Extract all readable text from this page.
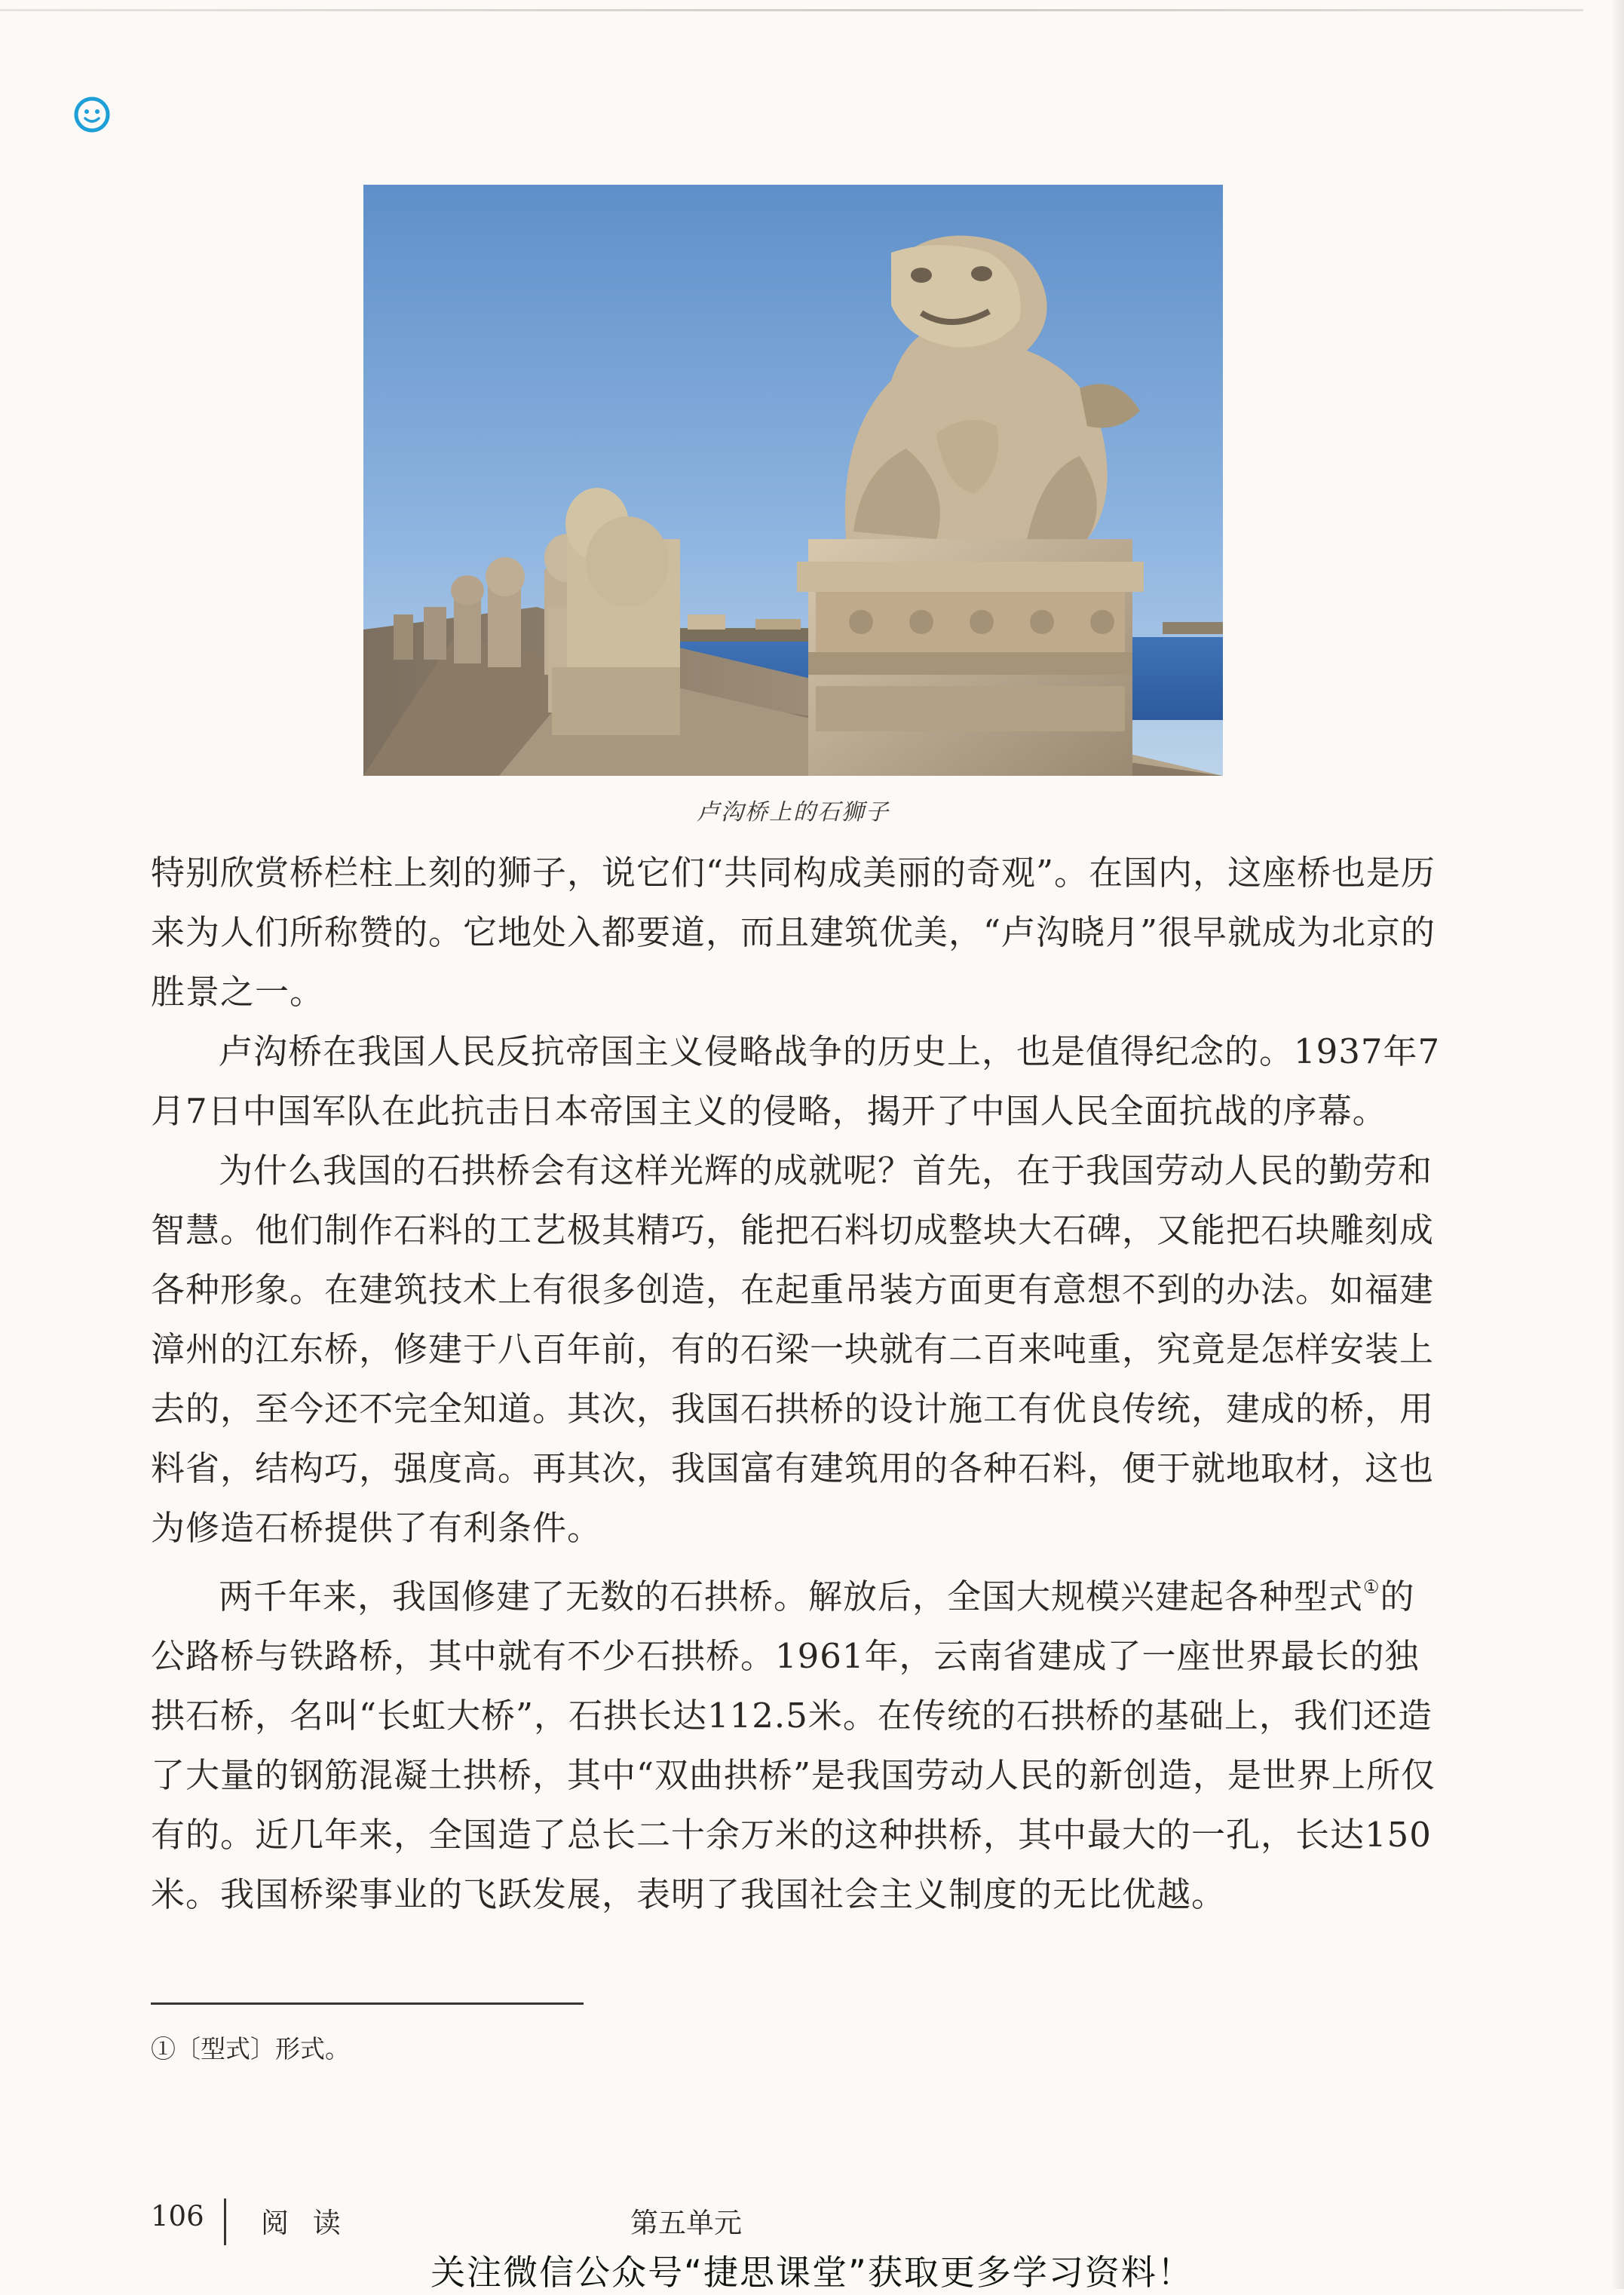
卢沟桥上的石狮子

特别欣赏桥栏柱上刻的狮子，说它们“共同构成美丽的奇观”。在国内，这座桥也是历来为人们所称赞的。它地处入都要道，而且建筑优美，“卢沟晓月”很早就成为北京的胜景之一。

卢沟桥在我国人民反抗帝国主义侵略战争的历史上，也是值得纪念的。1937年7月7日中国军队在此抗击日本帝国主义的侵略，揭开了中国人民全面抗战的序幕。

为什么我国的石拱桥会有这样光辉的成就呢？首先，在于我国劳动人民的勤劳和智慧。他们制作石料的工艺极其精巧，能把石料切成整块大石碑，又能把石块雕刻成各种形象。在建筑技术上有很多创造，在起重吊装方面更有意想不到的办法。如福建漳州的江东桥，修建于八百年前，有的石梁一块就有二百来吨重，究竟是怎样安装上去的，至今还不完全知道。其次，我国石拱桥的设计施工有优良传统，建成的桥，用料省，结构巧，强度高。再其次，我国富有建筑用的各种石料，便于就地取材，这也为修造石桥提供了有利条件。

两千年来，我国修建了无数的石拱桥。解放后，全国大规模兴建起各种型式①的公路桥与铁路桥，其中就有不少石拱桥。1961年，云南省建成了一座世界最长的独拱石桥，名叫“长虹大桥”，石拱长达112.5米。在传统的石拱桥的基础上，我们还造了大量的钢筋混凝土拱桥，其中“双曲拱桥”是我国劳动人民的新创造，是世界上所仅有的。近几年来，全国造了总长二十余万米的这种拱桥，其中最大的一孔，长达150米。我国桥梁事业的飞跃发展，表明了我国社会主义制度的无比优越。

①〔型式〕形式。
106 阅 读	第五单元
关注微信公众号“捷思课堂”获取更多学习资料！
